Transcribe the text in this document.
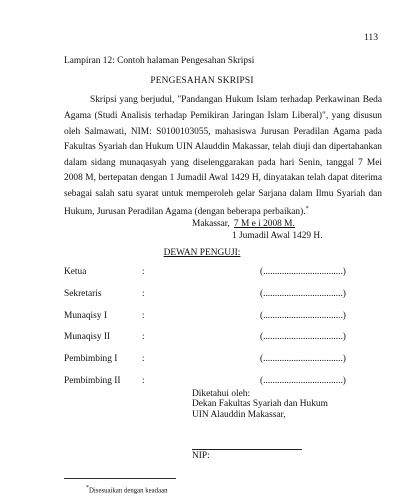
113
Lampiran 12: Contoh halaman Pengesahan Skripsi
PENGESAHAN SKRIPSI
Skripsi yang berjudul, "Pandangan Hukum Islam terhadap Perkawinan Beda
Agama (Studi Analisis terhadap Pemikiran Jaringan Islam Liberal)", yang disusun
oleh Salmawati, NIM: S0100103055, mahasiswa Jurusan Peradilan Agama pada
Fakultas Syariah dan Hukum UIN Alauddin Makassar, telah diuji dan dipertahankan
dalam sidang munaqasyah yang diselenggarakan pada hari Senin, tanggal 7 Mei
2008 M, bertepatan dengan 1 Jumadil Awal 1429 H, dinyatakan telah dapat diterima
sebagai salah satu syarat untuk memperoleh gelar Sarjana dalam Ilmu Syariah dan
Hukum, Jurusan Peradilan Agama (dengan beberapa perbaikan).*
Makassar, 7 M e i 2008 M.
1 Jumadil Awal 1429 H.
DEWAN PENGUJI:
Ketua	:	(..................................)
Sekretaris	:	(..................................)
Munaqisy I	:	(..................................)
Munaqisy II	:	(..................................)
Pembimbing I	:	(..................................)
Pembimbing II :	(..................................)
Diketahui oleh:
Dekan Fakultas Syariah dan Hukum
UIN Alauddin Makassar,
NIP:
*Disesuaikan dengan keadaan
